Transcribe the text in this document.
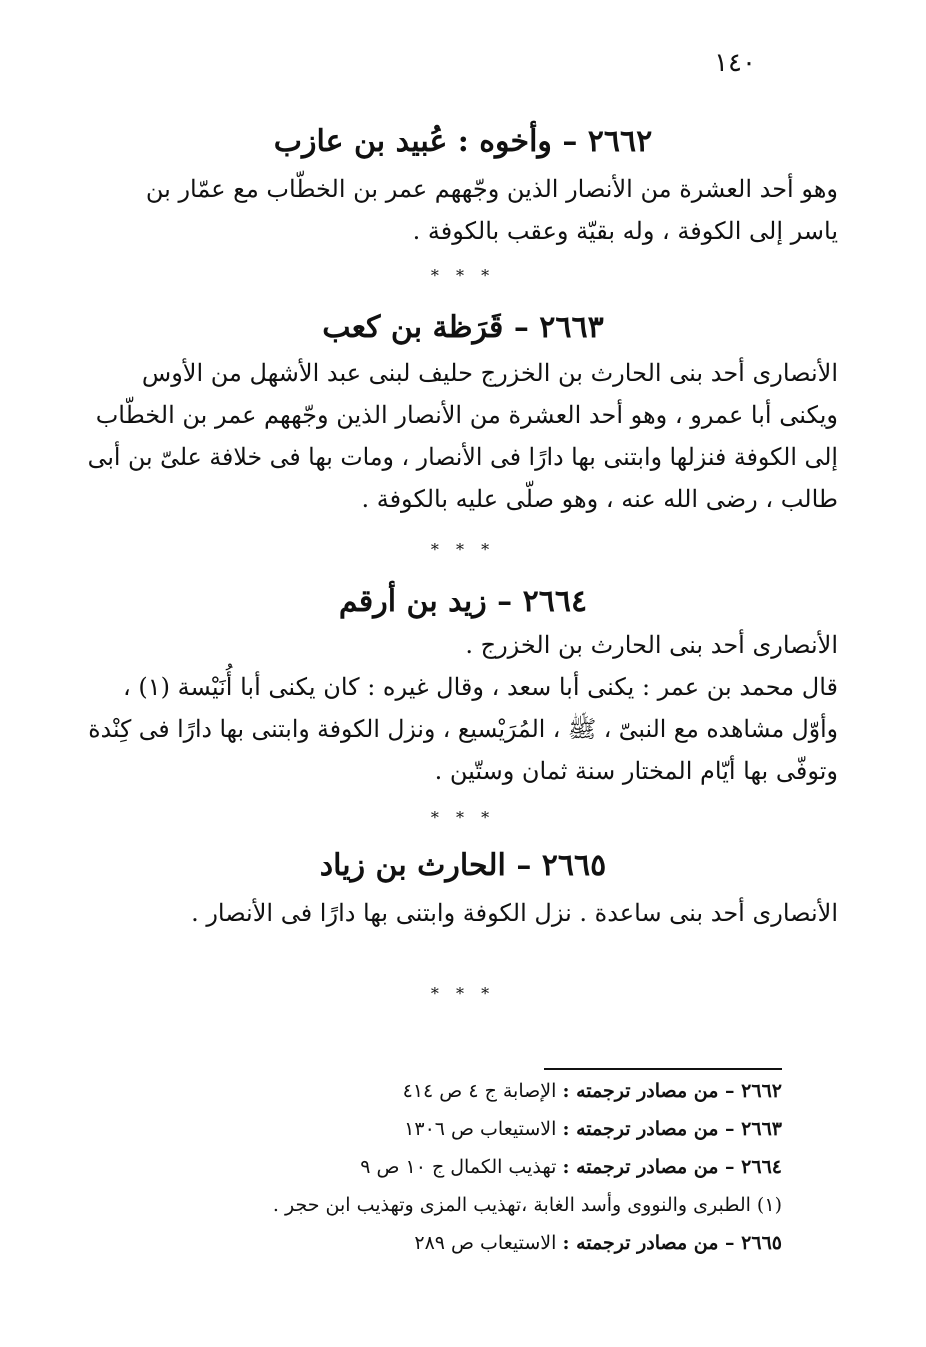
١٤٠
٢٦٦٢ – وأخوه : عُبيد بن عازب
وهو أحد العشرة من الأنصار الذين وجّههم عمر بن الخطّاب مع عمّار بن
ياسر إلى الكوفة ، وله بقيّة وعقب بالكوفة .
* * *
٢٦٦٣ – قَرَظة بن كعب
الأنصارى أحد بنى الحارث بن الخزرج حليف لبنى عبد الأشهل من الأوس
ويكنى أبا عمرو ، وهو أحد العشرة من الأنصار الذين وجّههم عمر بن الخطّاب
إلى الكوفة فنزلها وابتنى بها دارًا فى الأنصار ، ومات بها فى خلافة علىّ بن أبى
طالب ، رضى الله عنه ، وهو صلّى عليه بالكوفة .
* * *
٢٦٦٤ – زيد بن أرقم
الأنصارى أحد بنى الحارث بن الخزرج .
قال محمد بن عمر : يكنى أبا سعد ، وقال غيره : كان يكنى أبا أُنَيْسة (١) ،
وأوّل مشاهده مع النبىّ ، ﷺ ، المُرَيْسيع ، ونزل الكوفة وابتنى بها دارًا فى كِنْدة
وتوفّى بها أيّام المختار سنة ثمان وستّين .
* * *
٢٦٦٥ – الحارث بن زياد
الأنصارى أحد بنى ساعدة . نزل الكوفة وابتنى بها دارًا فى الأنصار .
* * *
٢٦٦٢ – من مصادر ترجمته : الإصابة ج ٤ ص ٤١٤
٢٦٦٣ – من مصادر ترجمته : الاستيعاب ص ١٣٠٦
٢٦٦٤ – من مصادر ترجمته : تهذيب الكمال ج ١٠ ص ٩
(١) الطبرى والنووى وأسد الغابة ،تهذيب المزى وتهذيب ابن حجر .
٢٦٦٥ – من مصادر ترجمته : الاستيعاب ص ٢٨٩
